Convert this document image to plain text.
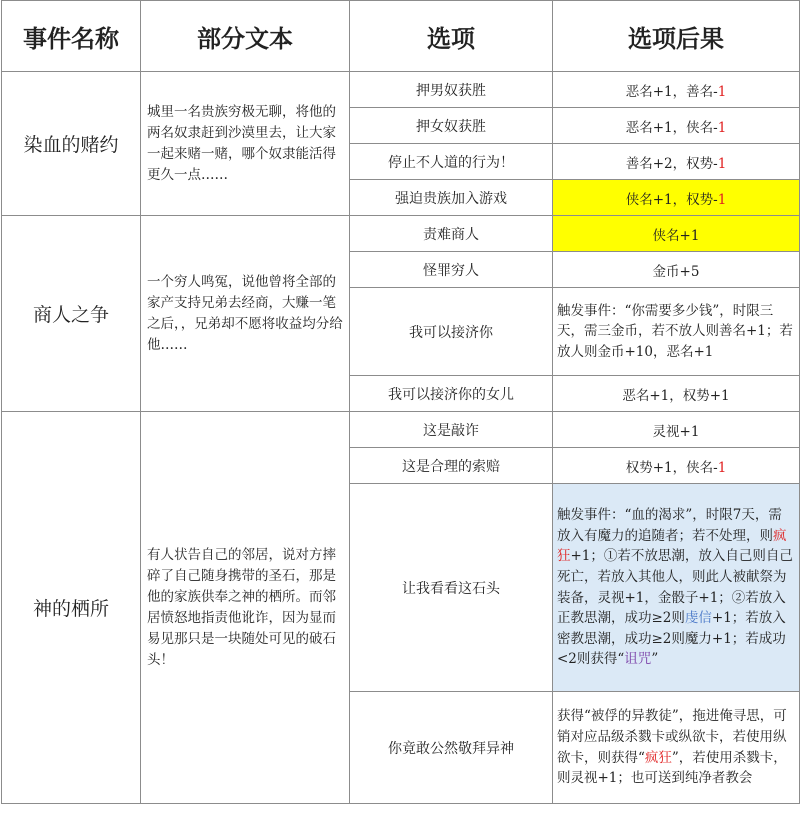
事件名称	部分文本	选项	选项后果
染血的赌约	城里一名贵族穷极无聊，将他的两名奴隶赶到沙漠里去，让大家一起来赌一赌，哪个奴隶能活得更久一点……	押男奴获胜	恶名+1，善名-1
		押女奴获胜	恶名+1，侠名-1
		停止不人道的行为！	善名+2，权势-1
		强迫贵族加入游戏	侠名+1，权势-1
商人之争	一个穷人鸣冤，说他曾将全部的家产支持兄弟去经商，大赚一笔之后，，兄弟却不愿将收益均分给他……	责难商人	侠名+1
		怪罪穷人	金币+5
		我可以接济你	触发事件：“你需要多少钱”，时限三天，需三金币，若不放人则善名+1；若放人则金币+10，恶名+1
		我可以接济你的女儿	恶名+1，权势+1
神的栖所	有人状告自己的邻居，说对方摔碎了自己随身携带的圣石，那是他的家族供奉之神的栖所。而邻居愤怒地指责他讹诈，因为显而易见那只是一块随处可见的破石头！	这是敲诈	灵视+1
		这是合理的索赔	权势+1，侠名-1
		让我看看这石头	触发事件：“血的渴求”，时限7天，需放入有魔力的追随者；若不处理，则疯狂+1；①若不放思潮，放入自己则自己死亡，若放入其他人，则此人被献祭为装备，灵视+1，金骰子+1；②若放入正教思潮，成功≥2则虔信+1；若放入密教思潮，成功≥2则魔力+1；若成功<2则获得“诅咒”
		你竟敢公然敬拜异神	获得“被俘的异教徒”，拖进俺寻思，可销对应品级杀戮卡或纵欲卡，若使用纵欲卡，则获得“疯狂”，若使用杀戮卡，则灵视+1；也可送到纯净者教会
